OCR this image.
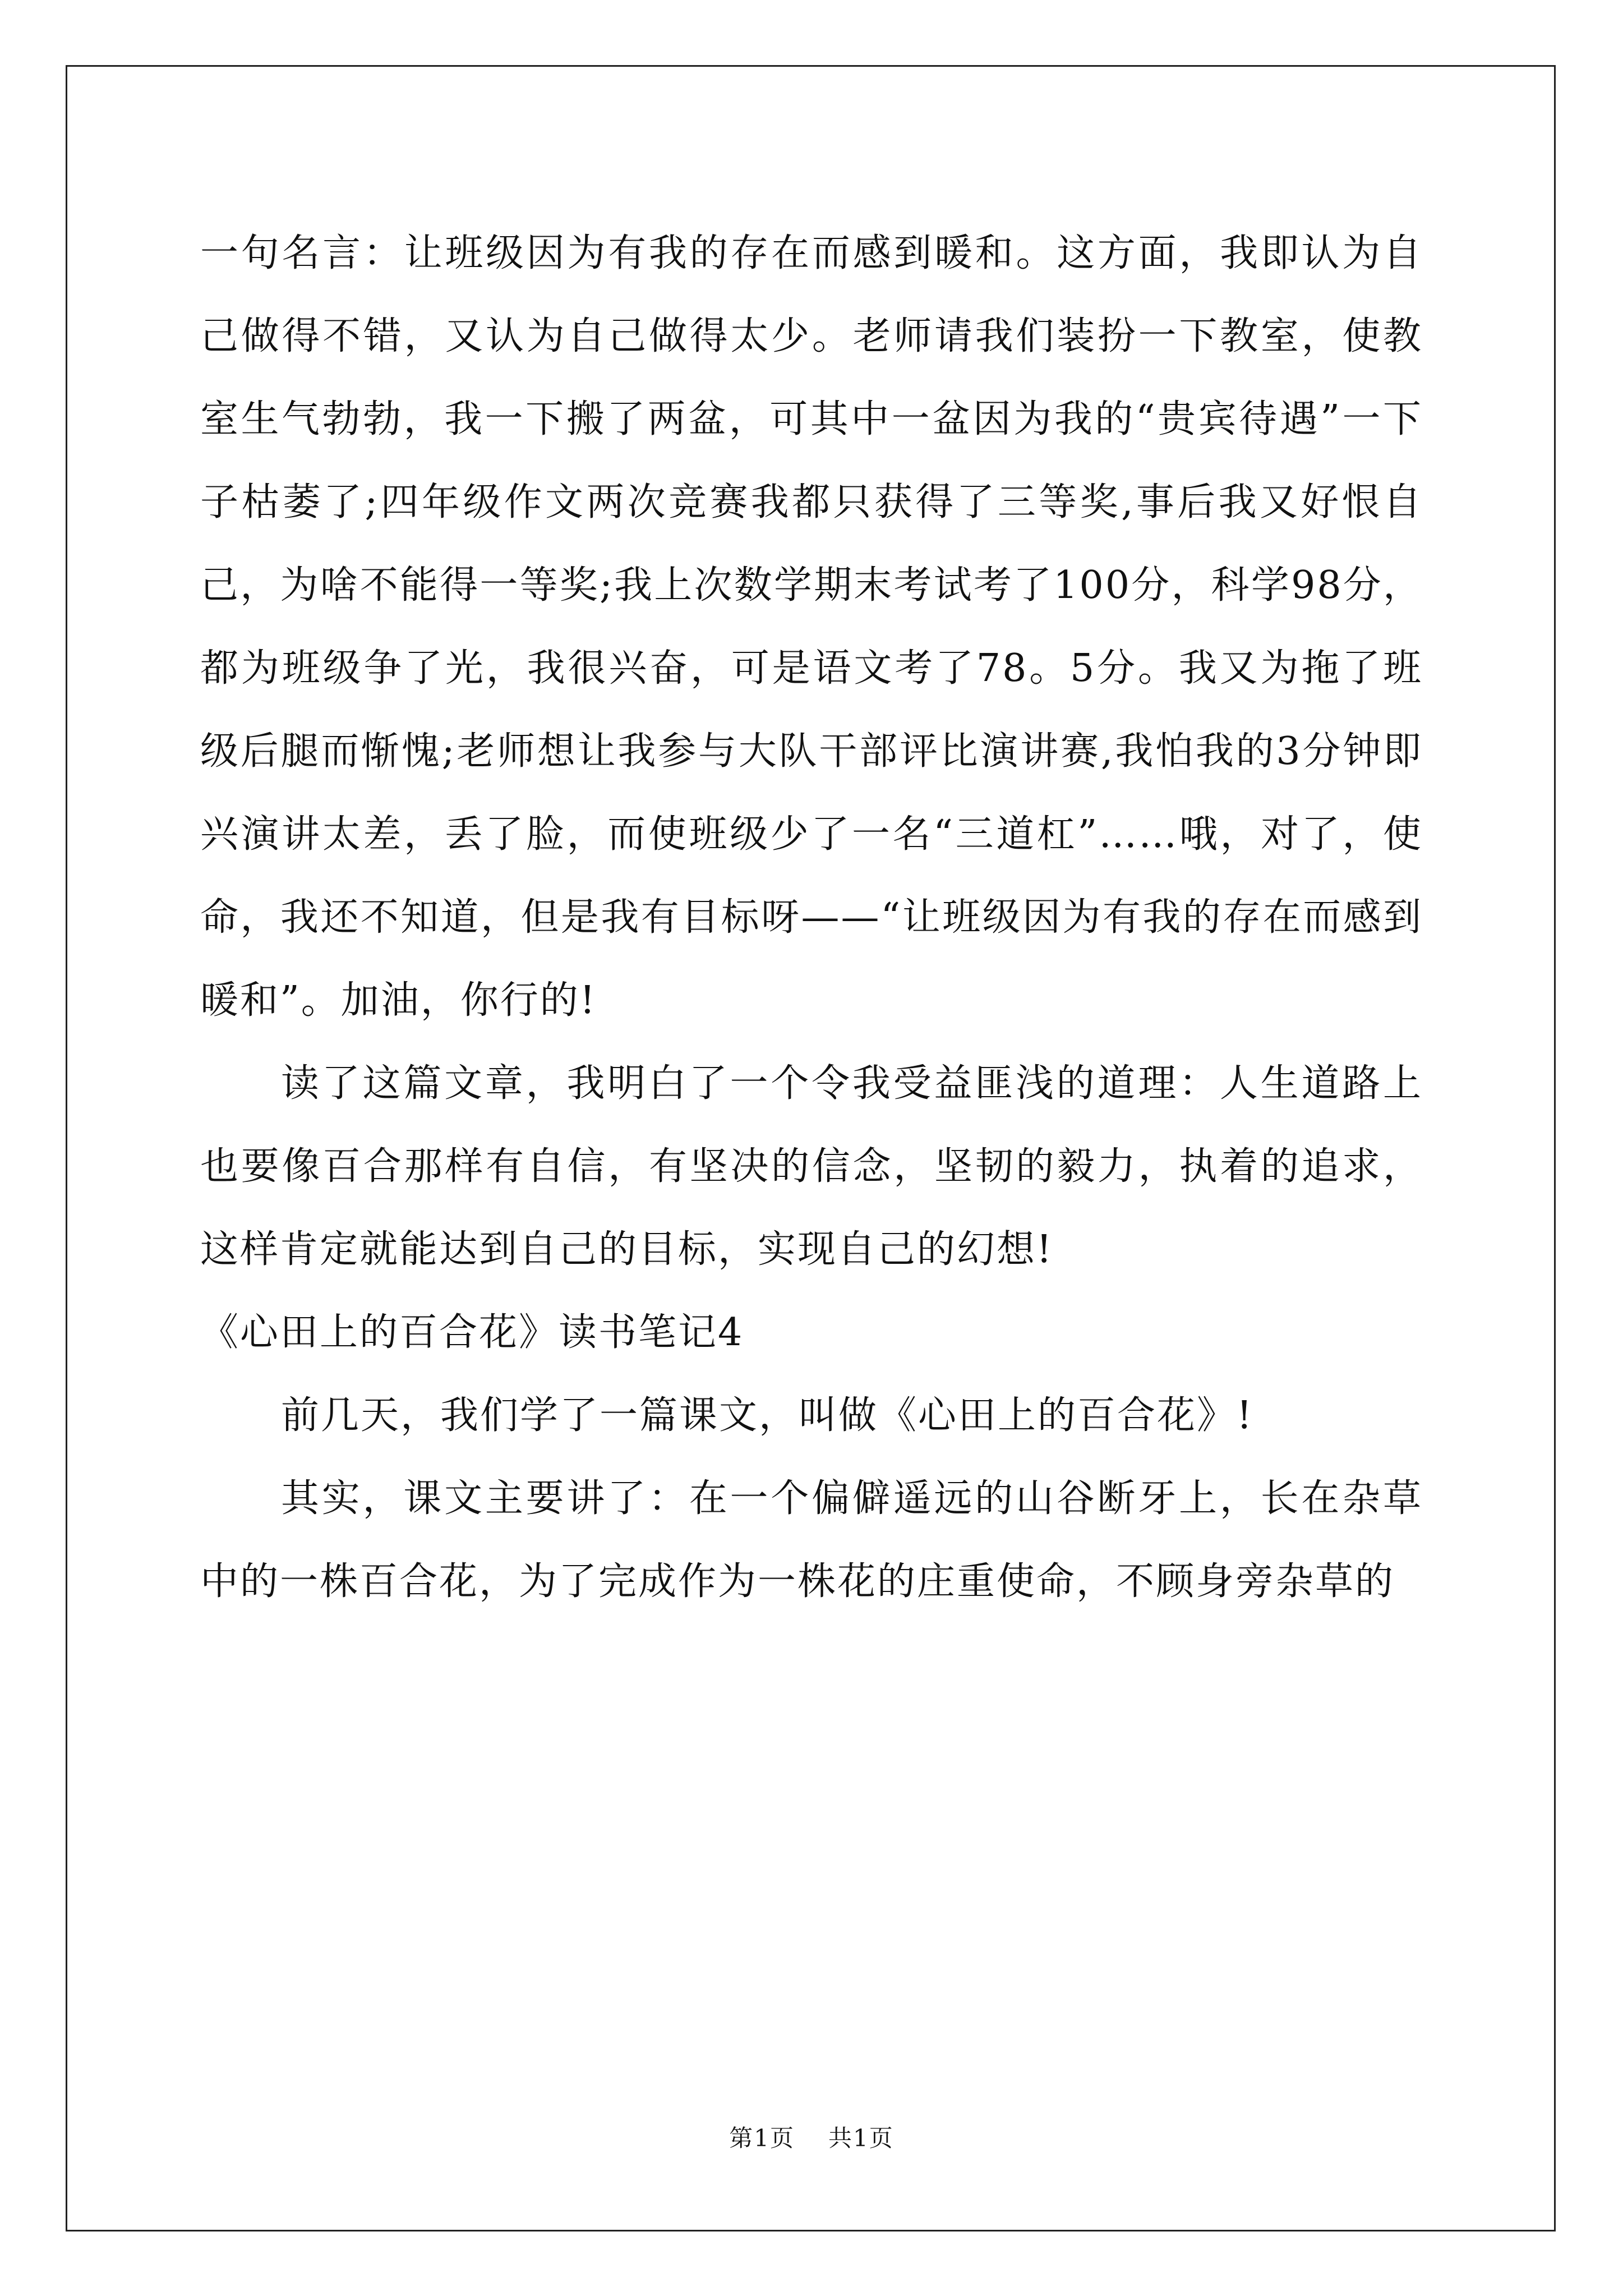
一句名言：让班级因为有我的存在而感到暖和。这方面，我即认为自己做得不错，又认为自己做得太少。老师请我们装扮一下教室，使教室生气勃勃，我一下搬了两盆，可其中一盆因为我的“贵宾待遇”一下子枯萎了;四年级作文两次竞赛我都只获得了三等奖,事后我又好恨自己，为啥不能得一等奖;我上次数学期末考试考了100分，科学98分，都为班级争了光，我很兴奋，可是语文考了78。5分。我又为拖了班级后腿而惭愧;老师想让我参与大队干部评比演讲赛,我怕我的3分钟即兴演讲太差，丢了脸，而使班级少了一名“三道杠”……哦，对了，使命，我还不知道，但是我有目标呀——“让班级因为有我的存在而感到暖和”。加油，你行的!

读了这篇文章，我明白了一个令我受益匪浅的道理：人生道路上也要像百合那样有自信，有坚决的信念，坚韧的毅力，执着的追求，这样肯定就能达到自己的目标，实现自己的幻想!

《心田上的百合花》读书笔记4

前几天，我们学了一篇课文，叫做《心田上的百合花》!

其实，课文主要讲了：在一个偏僻遥远的山谷断牙上，长在杂草中的一株百合花，为了完成作为一株花的庄重使命，不顾身旁杂草的

第1页 共1页
